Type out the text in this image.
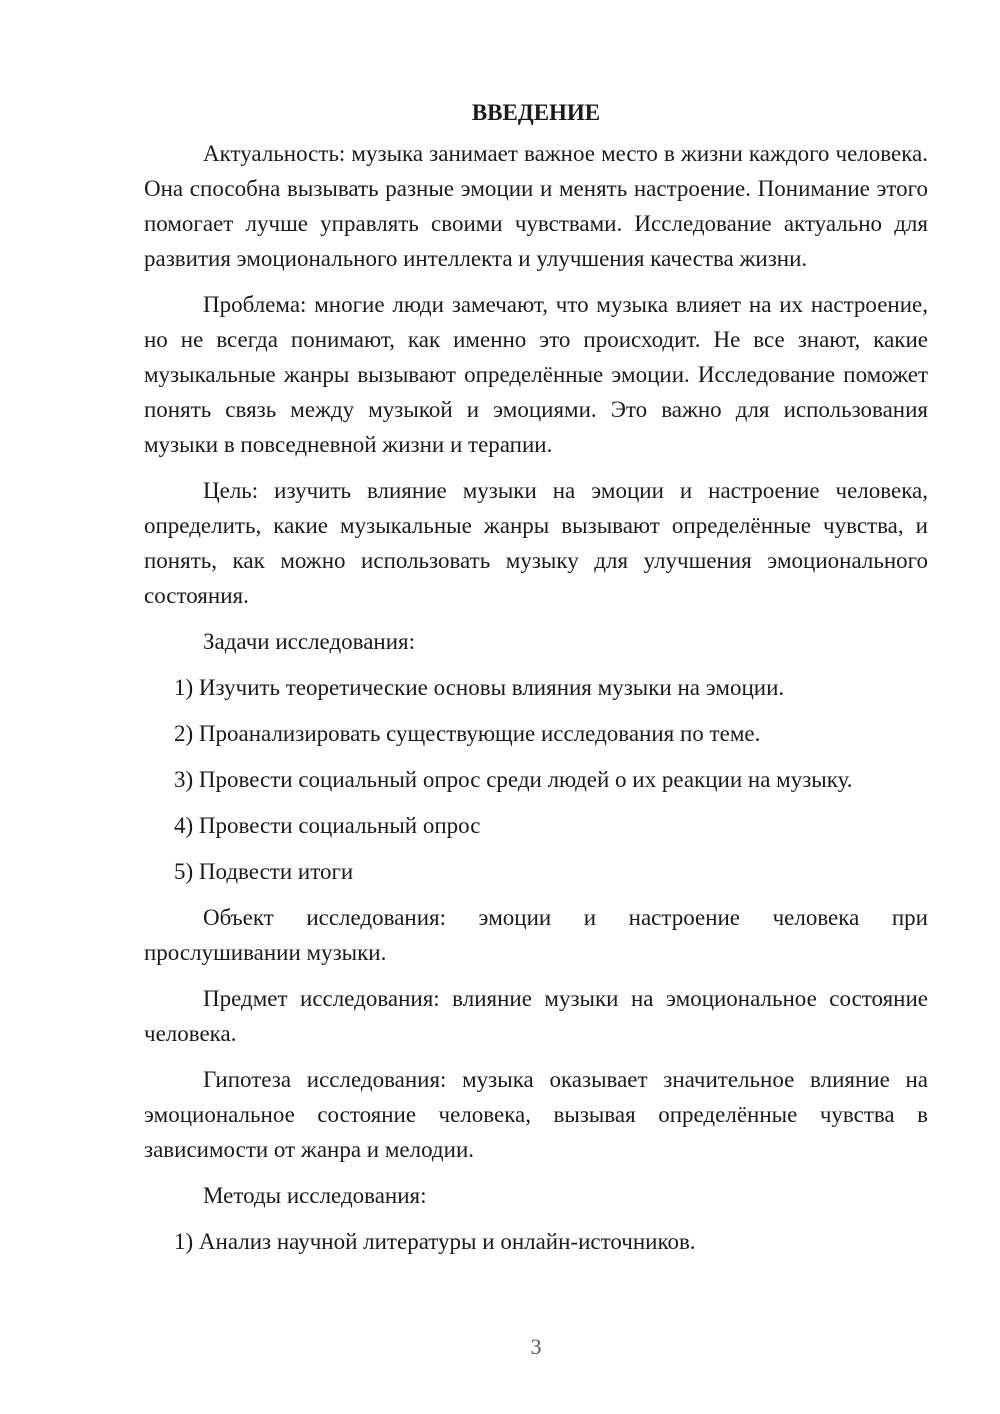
ВВЕДЕНИЕ

Актуальность: музыка занимает важное место в жизни каждого человека. Она способна вызывать разные эмоции и менять настроение. Понимание этого помогает лучше управлять своими чувствами. Исследование актуально для развития эмоционального интеллекта и улучшения качества жизни.

Проблема: многие люди замечают, что музыка влияет на их настроение, но не всегда понимают, как именно это происходит. Не все знают, какие музыкальные жанры вызывают определённые эмоции. Исследование поможет понять связь между музыкой и эмоциями. Это важно для использования музыки в повседневной жизни и терапии.

Цель: изучить влияние музыки на эмоции и настроение человека, определить, какие музыкальные жанры вызывают определённые чувства, и понять, как можно использовать музыку для улучшения эмоционального состояния.

Задачи исследования:

1) Изучить теоретические основы влияния музыки на эмоции.

2) Проанализировать существующие исследования по теме.

3) Провести социальный опрос среди людей о их реакции на музыку.

4) Провести социальный опрос

5) Подвести итоги

Объект исследования: эмоции и настроение человека при прослушивании музыки.

Предмет исследования: влияние музыки на эмоциональное состояние человека.

Гипотеза исследования: музыка оказывает значительное влияние на эмоциональное состояние человека, вызывая определённые чувства в зависимости от жанра и мелодии.

Методы исследования:

1) Анализ научной литературы и онлайн-источников.

3
